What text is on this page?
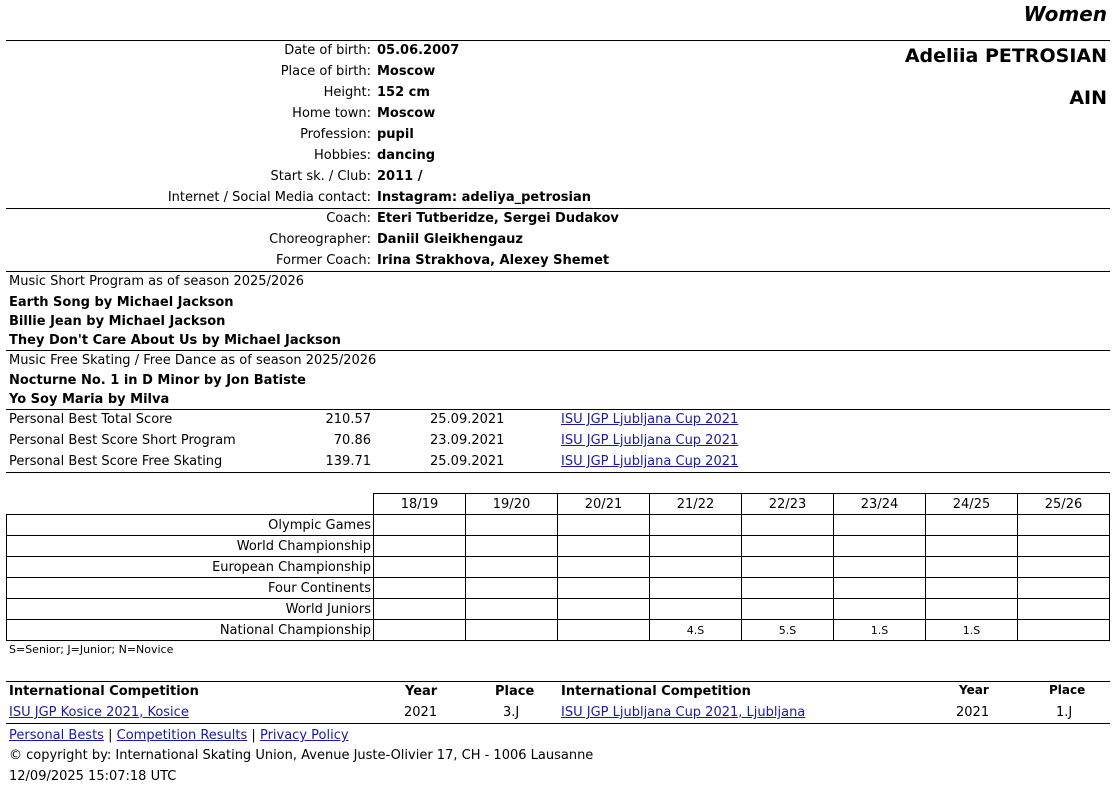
Women
Adeliia PETROSIAN
AIN
Date of birth: 05.06.2007
Place of birth: Moscow
Height: 152 cm
Home town: Moscow
Profession: pupil
Hobbies: dancing
Start sk. / Club: 2011 /
Internet / Social Media contact: Instagram: adeliya_petrosian
Coach: Eteri Tutberidze, Sergei Dudakov
Choreographer: Daniil Gleikhengauz
Former Coach: Irina Strakhova, Alexey Shemet
Music Short Program as of season 2025/2026
Earth Song by Michael Jackson
Billie Jean by Michael Jackson
They Don't Care About Us by Michael Jackson
Music Free Skating / Free Dance as of season 2025/2026
Nocturne No. 1 in D Minor by Jon Batiste
Yo Soy Maria by Milva
Personal Best Total Score	210.57	25.09.2021	ISU JGP Ljubljana Cup 2021
Personal Best Score Short Program	70.86	23.09.2021	ISU JGP Ljubljana Cup 2021
Personal Best Score Free Skating	139.71	25.09.2021	ISU JGP Ljubljana Cup 2021
	18/19	19/20	20/21	21/22	22/23	23/24	24/25	25/26
Olympic Games								
World Championship								
European Championship								
Four Continents								
World Juniors								
National Championship				4.S	5.S	1.S	1.S	
S=Senior; J=Junior; N=Novice
International Competition	Year	Place International Competition	Year	Place
ISU JGP Kosice 2021, Kosice	2021	3.J	ISU JGP Ljubljana Cup 2021, Ljubljana	2021	1.J
Personal Bests | Competition Results | Privacy Policy
© copyright by: International Skating Union, Avenue Juste-Olivier 17, CH - 1006 Lausanne
12/09/2025 15:07:18 UTC
